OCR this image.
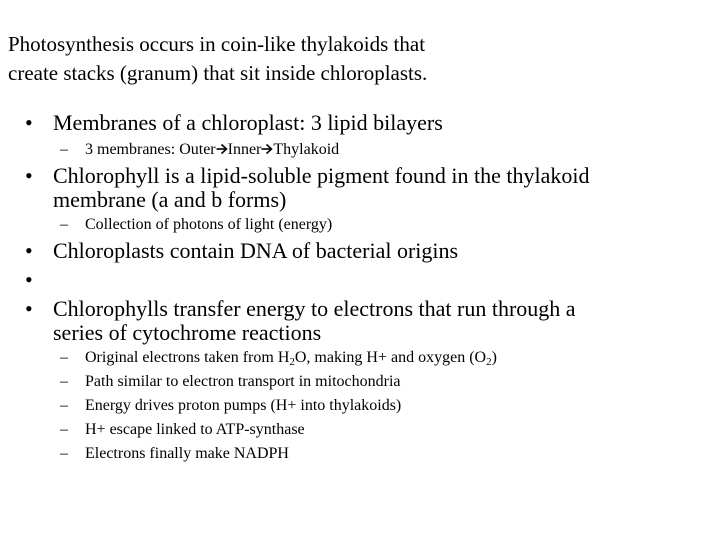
Photosynthesis occurs in coin-like thylakoids that
create stacks (granum) that sit inside chloroplasts.
• Membranes of a chloroplast: 3 lipid bilayers
– 3 membranes: Outer Inner Thylakoid
• Chlorophyll is a lipid-soluble pigment found in the thylakoid
membrane (a and b forms)
– Collection of photons of light (energy)
• Chloroplasts contain DNA of bacterial origins
•
• Chlorophylls transfer energy to electrons that run through a
series of cytochrome reactions
– Original electrons taken from $H_2O$, making H+ and oxygen $(O_2)$
– Path similar to electron transport in mitochondria
– Energy drives proton pumps (H+ into thylakoids)
– H+ escape linked to ATP-synthase
– Electrons finally make NADPH
